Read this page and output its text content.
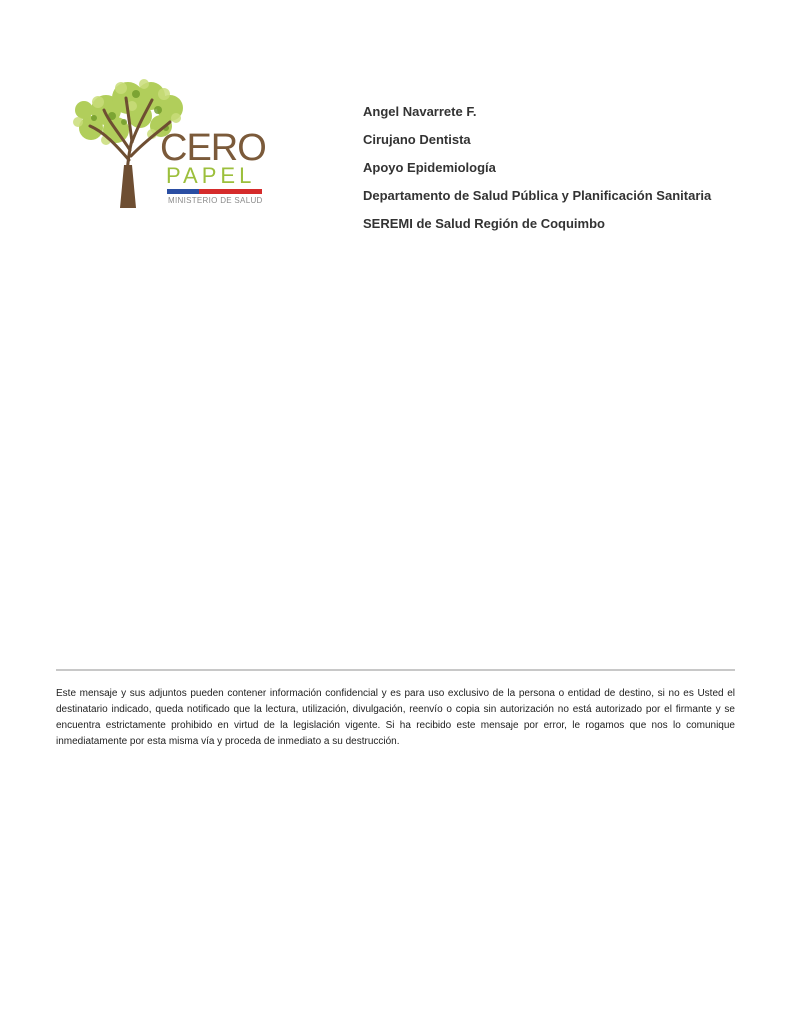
CERO

PAPEL

MINISTERIO DE SALUD

Angel Navarrete F.

Cirujano Dentista

Apoyo Epidemiología

Departamento de Salud Pública y Planificación Sanitaria

SEREMI de Salud Región de Coquimbo

Este mensaje y sus adjuntos pueden contener información confidencial y es para uso exclusivo de la persona o entidad de destino, si no es Usted el destinatario indicado, queda notificado que la lectura, utilización, divulgación, reenvío o copia sin autorización no está autorizado por el firmante y se encuentra estrictamente prohibido en virtud de la legislación vigente. Si ha recibido este mensaje por error, le rogamos que nos lo comunique inmediatamente por esta misma vía y proceda de inmediato a su destrucción.
